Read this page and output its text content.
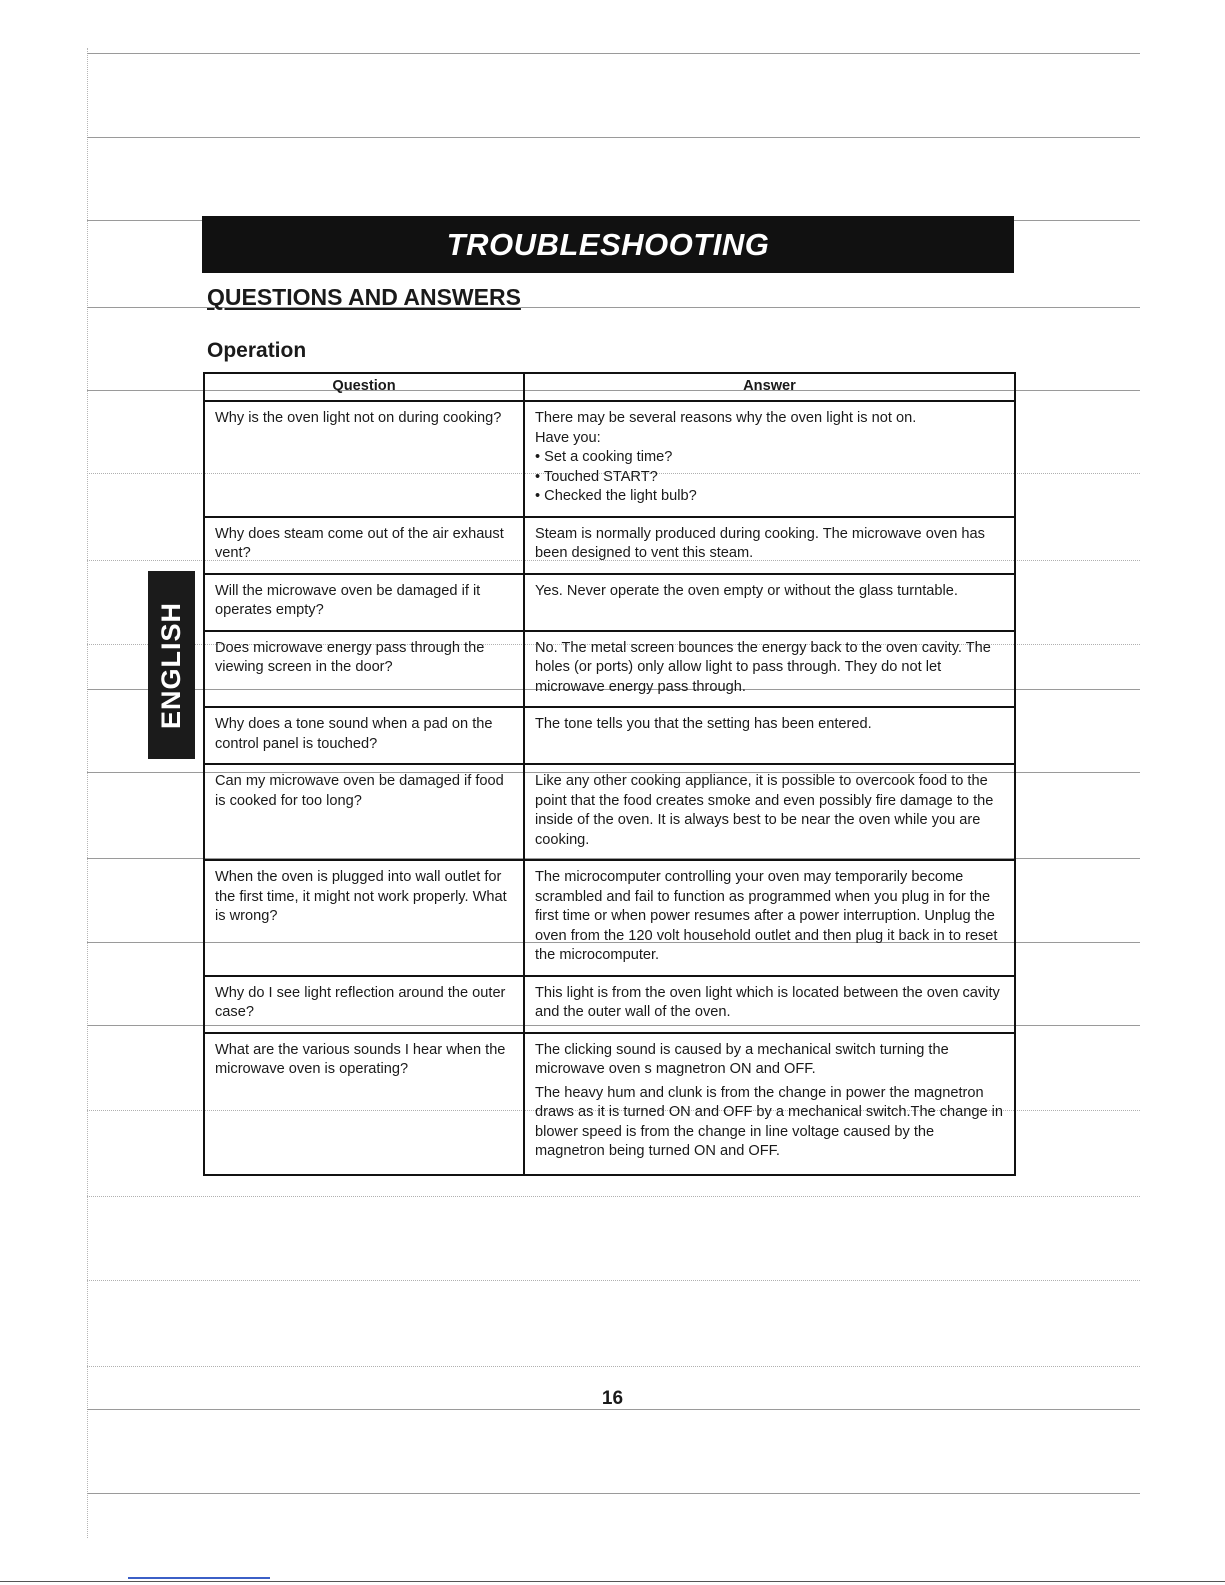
TROUBLESHOOTING
QUESTIONS AND ANSWERS
Operation
ENGLISH
Question	Answer
Why is the oven light not on during cooking?	There may be several reasons why the oven light is not on.
Have you:
• Set a cooking time?
• Touched START?
• Checked the light bulb?

Why does steam come out of the air exhaust vent?	Steam is normally produced during cooking. The microwave oven has been designed to vent this steam.

Will the microwave oven be damaged if it operates empty?	Yes. Never operate the oven empty or without the glass turntable.

Does microwave energy pass through the viewing screen in the door?	No. The metal screen bounces the energy back to the oven cavity. The holes (or ports) only allow light to pass through. They do not let microwave energy pass through.

Why does a tone sound when a pad on the control panel is touched?	The tone tells you that the setting has been entered.

Can my microwave oven be damaged if food is cooked for too long?	Like any other cooking appliance, it is possible to overcook food to the point that the food creates smoke and even possibly fire damage to the inside of the oven. It is always best to be near the oven while you are cooking.

When the oven is plugged into wall outlet for the first time, it might not work properly. What is wrong?	The microcomputer controlling your oven may temporarily become scrambled and fail to function as programmed when you plug in for the first time or when power resumes after a power interruption. Unplug the oven from the 120 volt household outlet and then plug it back in to reset the microcomputer.

Why do I see light reflection around the outer case?	This light is from the oven light which is located between the oven cavity and the outer wall of the oven.

What are the various sounds I hear when the microwave oven is operating?	The clicking sound is caused by a mechanical switch turning the microwave oven s magnetron ON and OFF.
The heavy hum and clunk is from the change in power the magnetron draws as it is turned ON and OFF by a mechanical switch.The change in blower speed is from the change in line voltage caused by the magnetron being turned ON and OFF.
16
